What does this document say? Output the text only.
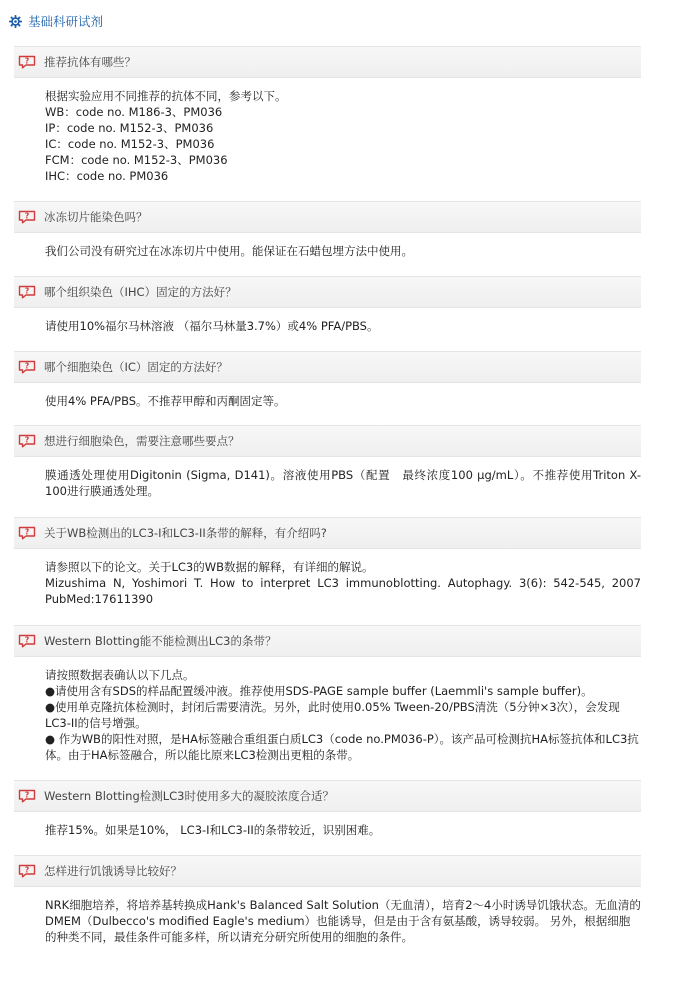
基础科研试剂
? 推荐抗体有哪些？
根据实验应用不同推荐的抗体不同，参考以下。
WB：code no. M186-3、PM036
IP：code no. M152-3、PM036
IC：code no. M152-3、PM036
FCM：code no. M152-3、PM036
IHC：code no. PM036
? 冰冻切片能染色吗？
我们公司没有研究过在冰冻切片中使用。能保证在石蜡包埋方法中使用。
? 哪个组织染色（IHC）固定的方法好？
请使用10%福尔马林溶液 （福尔马林量3.7%）或4% PFA/PBS。
? 哪个细胞染色（IC）固定的方法好？
使用4% PFA/PBS。不推荐甲醇和丙酮固定等。
? 想进行细胞染色，需要注意哪些要点？
膜通透处理使用Digitonin (Sigma, D141)。溶液使用PBS（配置　最终浓度100 μg/mL）。不推荐使用Triton X-100进行膜通透处理。
? 关于WB检测出的LC3-I和LC3-II条带的解释，有介绍吗?
请参照以下的论文。关于LC3的WB数据的解释，有详细的解说。
Mizushima N, Yoshimori T. How to interpret LC3 immunoblotting. Autophagy. 3(6): 542-545, 2007 PubMed:17611390
? Western Blotting能不能检测出LC3的条带？
请按照数据表确认以下几点。
●请使用含有SDS的样品配置缓冲液。推荐使用SDS-PAGE sample buffer (Laemmli's sample buffer)。
●使用单克隆抗体检测时，封闭后需要清洗。另外，此时使用0.05% Tween-20/PBS清洗（5分钟×3次），会发现LC3-II的信号增强。
● 作为WB的阳性对照，是HA标签融合重组蛋白质LC3（code no.PM036-P）。该产品可检测抗HA标签抗体和LC3抗体。由于HA标签融合，所以能比原来LC3检测出更粗的条带。
? Western Blotting检测LC3时使用多大的凝胶浓度合适？
推荐15%。如果是10%， LC3-I和LC3-II的条带较近，识别困难。
? 怎样进行饥饿诱导比较好？
NRK细胞培养，将培养基转换成Hank's Balanced Salt Solution（无血清），培育2～4小时诱导饥饿状态。无血清的DMEM（Dulbecco's modified Eagle's medium）也能诱导，但是由于含有氨基酸，诱导较弱。 另外，根据细胞的种类不同，最佳条件可能多样，所以请充分研究所使用的细胞的条件。
